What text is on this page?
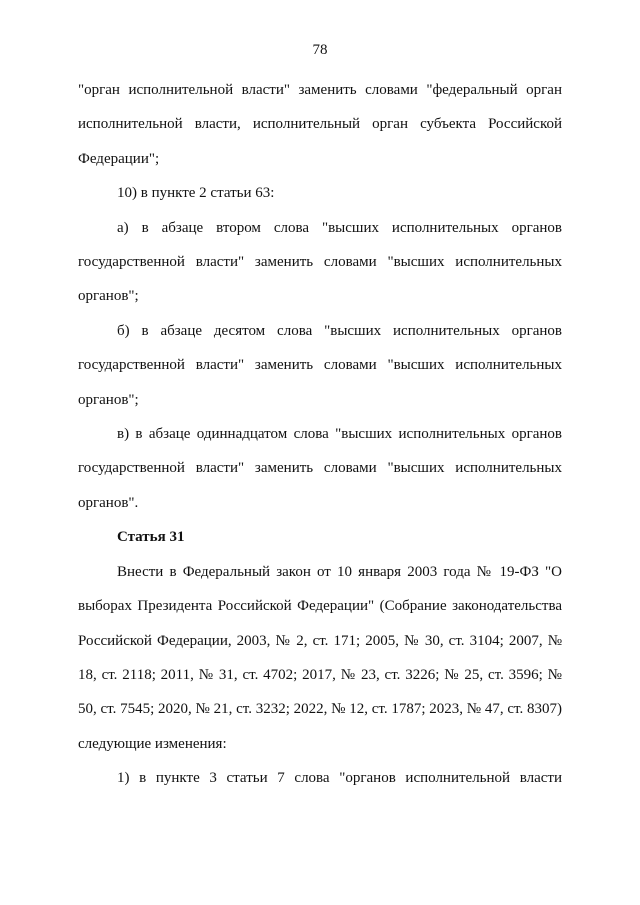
78

"орган исполнительной власти" заменить словами "федеральный орган исполнительной власти, исполнительный орган субъекта Российской Федерации";

10) в пункте 2 статьи 63:

а) в абзаце втором слова "высших исполнительных органов государственной власти" заменить словами "высших исполнительных органов";

б) в абзаце десятом слова "высших исполнительных органов государственной власти" заменить словами "высших исполнительных органов";

в) в абзаце одиннадцатом слова "высших исполнительных органов государственной власти" заменить словами "высших исполнительных органов".

Статья 31

Внести в Федеральный закон от 10 января 2003 года № 19-ФЗ "О выборах Президента Российской Федерации" (Собрание законодательства Российской Федерации, 2003, № 2, ст. 171; 2005, № 30, ст. 3104; 2007, № 18, ст. 2118; 2011, № 31, ст. 4702; 2017, № 23, ст. 3226; № 25, ст. 3596; № 50, ст. 7545; 2020, № 21, ст. 3232; 2022, № 12, ст. 1787; 2023, № 47, ст. 8307) следующие изменения:

1) в пункте 3 статьи 7 слова "органов исполнительной власти
